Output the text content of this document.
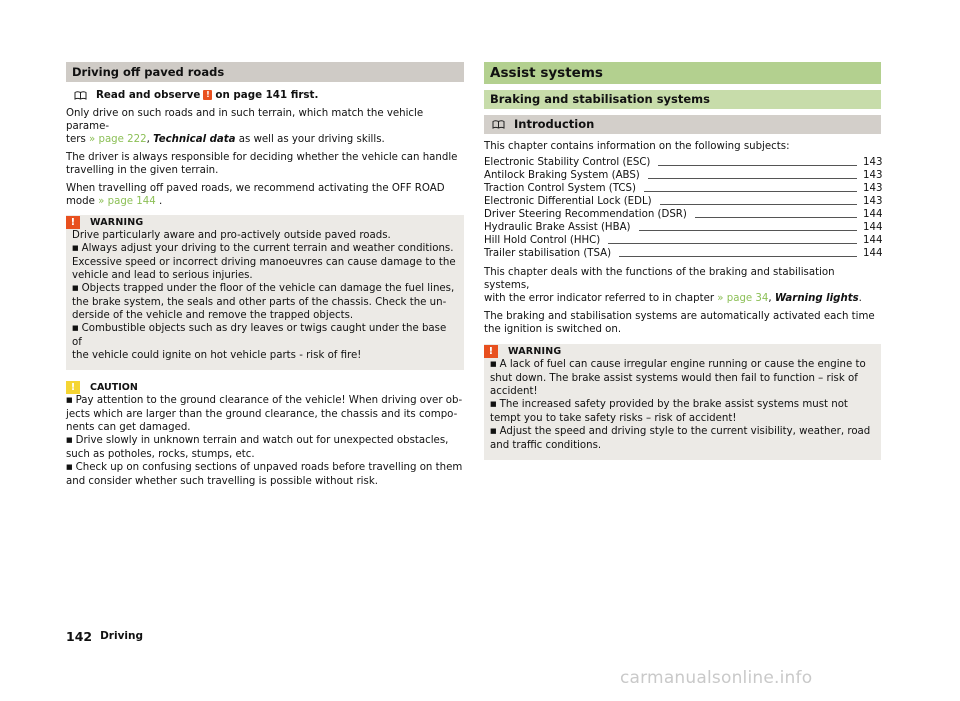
Driving off paved roads
Read and observe ! on page 141 first.

Only drive on such roads and in such terrain, which match the vehicle parame-
ters » page 222, Technical data as well as your driving skills.

The driver is always responsible for deciding whether the vehicle can handle
travelling in the given terrain.

When travelling off paved roads, we recommend activating the OFF ROAD
mode » page 144 .

!	WARNING
Drive particularly aware and pro-actively outside paved roads.
■ Always adjust your driving to the current terrain and weather conditions.
Excessive speed or incorrect driving manoeuvres can cause damage to the
vehicle and lead to serious injuries.
■ Objects trapped under the floor of the vehicle can damage the fuel lines,
the brake system, the seals and other parts of the chassis. Check the un-
derside of the vehicle and remove the trapped objects.
■ Combustible objects such as dry leaves or twigs caught under the base of
the vehicle could ignite on hot vehicle parts - risk of fire!
!	CAUTION
■ Pay attention to the ground clearance of the vehicle! When driving over ob-
jects which are larger than the ground clearance, the chassis and its compo-
nents can get damaged.
■ Drive slowly in unknown terrain and watch out for unexpected obstacles,
such as potholes, rocks, stumps, etc.
■ Check up on confusing sections of unpaved roads before travelling on them
and consider whether such travelling is possible without risk.
Assist systems
Braking and stabilisation systems
Introduction

This chapter contains information on the following subjects:

Electronic Stability Control (ESC)	143
Antilock Braking System (ABS)	143
Traction Control System (TCS)	143
Electronic Differential Lock (EDL)	143
Driver Steering Recommendation (DSR)	144
Hydraulic Brake Assist (HBA)	144
Hill Hold Control (HHC)	144
Trailer stabilisation (TSA)	144

This chapter deals with the functions of the braking and stabilisation systems,
with the error indicator referred to in chapter » page 34, Warning lights.

The braking and stabilisation systems are automatically activated each time
the ignition is switched on.

!	WARNING
■ A lack of fuel can cause irregular engine running or cause the engine to
shut down. The brake assist systems would then fail to function – risk of
accident!
■ The increased safety provided by the brake assist systems must not
tempt you to take safety risks – risk of accident!
■ Adjust the speed and driving style to the current visibility, weather, road
and traffic conditions.
142 Driving
carmanualsonline.info
